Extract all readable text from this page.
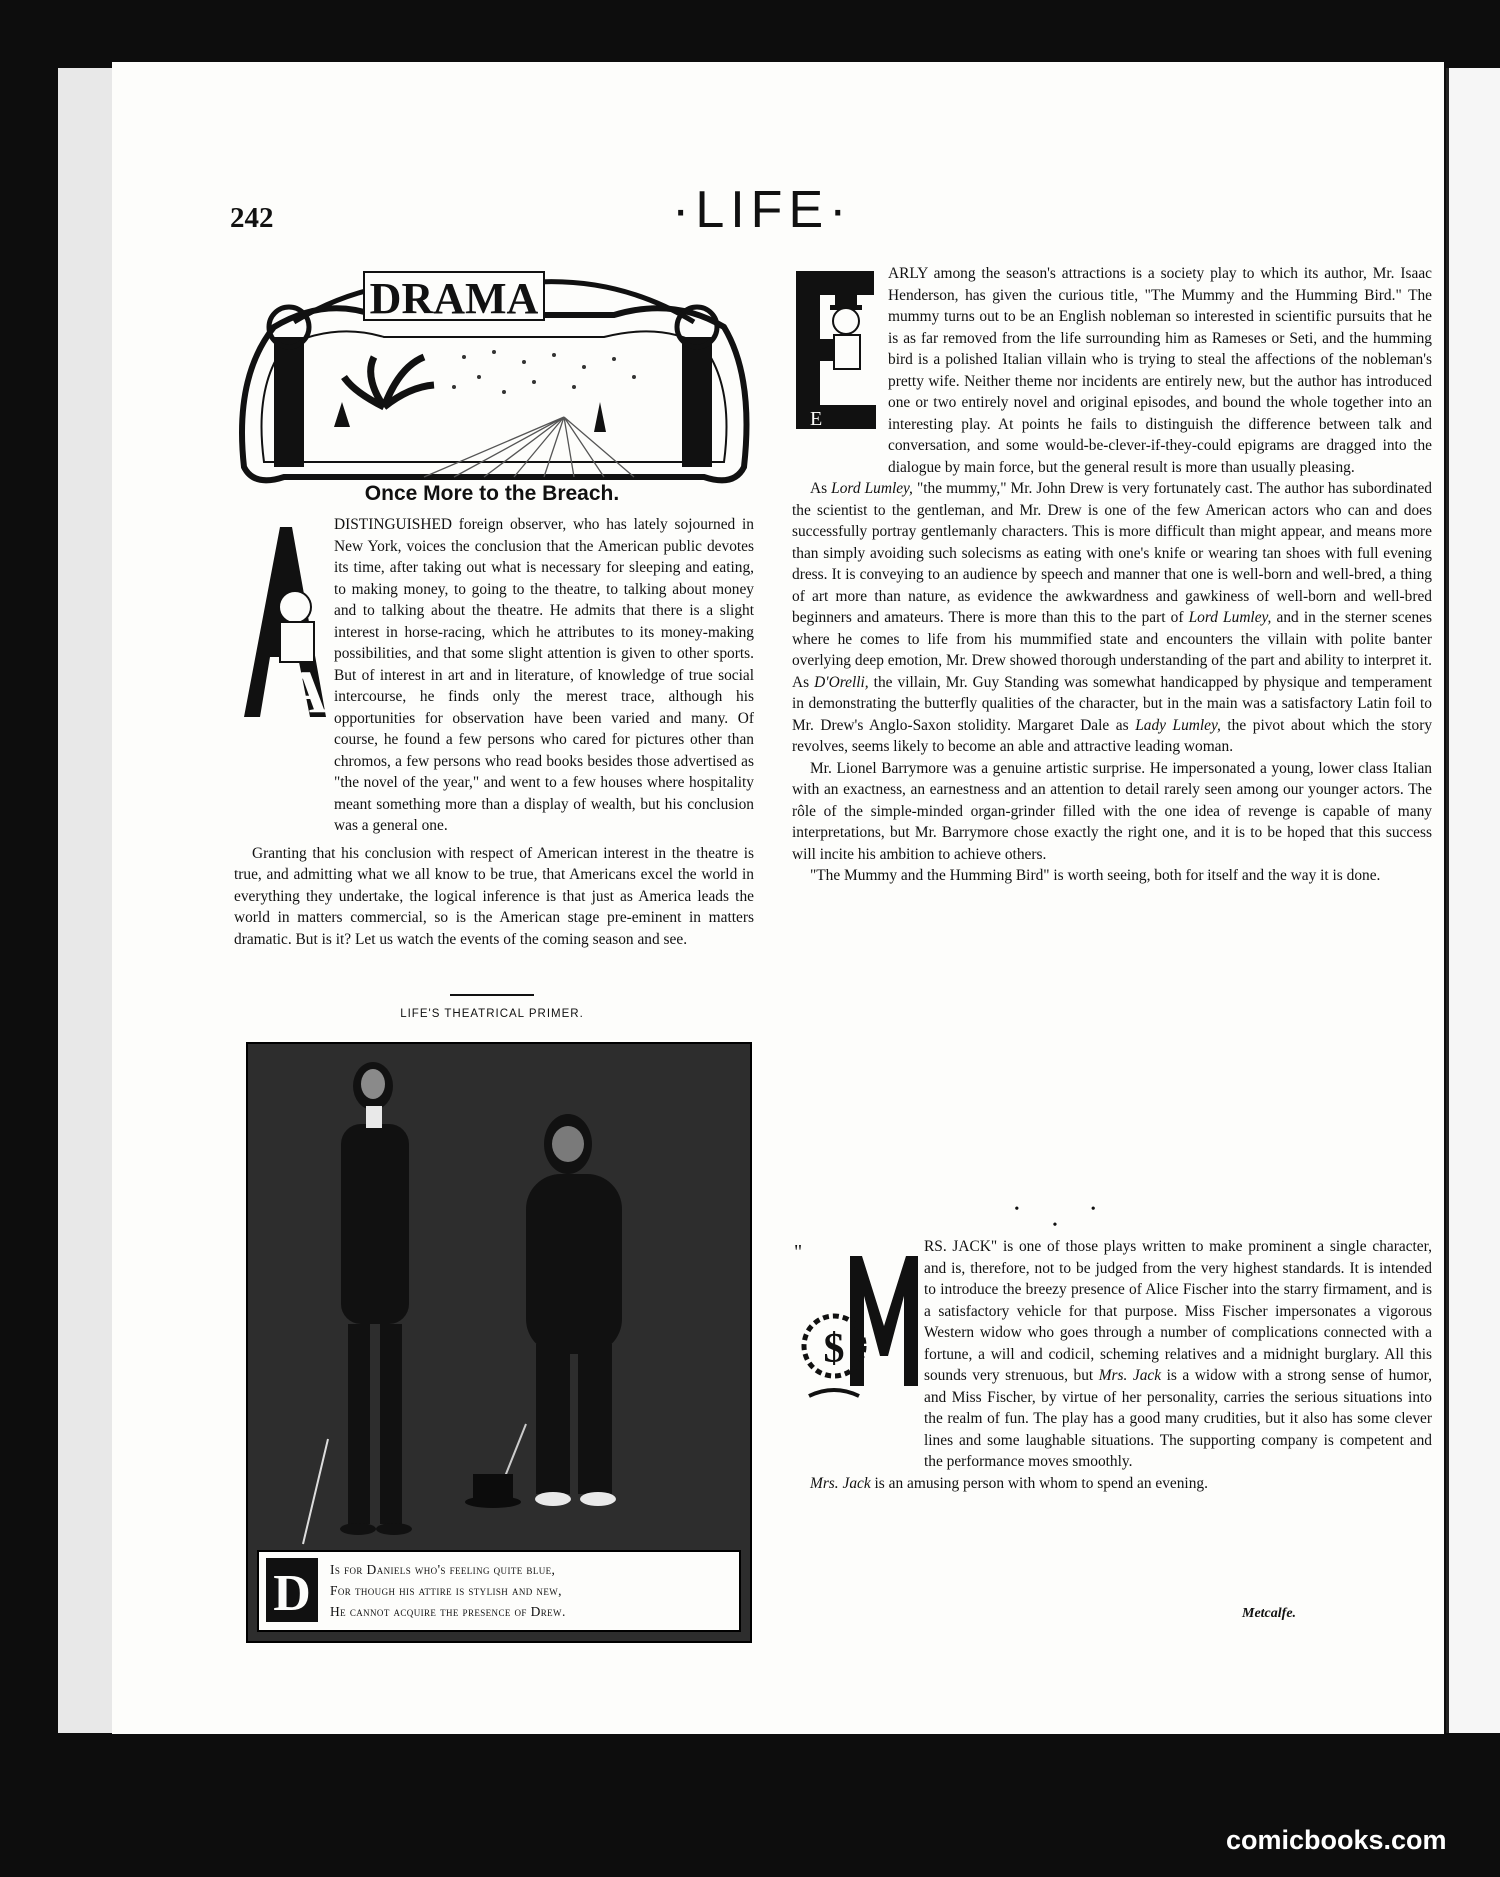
242	·LIFE·
DRAMA
Once More to the Breach.
A

DISTINGUISHED foreign observer, who has lately sojourned in New York, voices the conclusion that the American public devotes its time, after taking out what is necessary for sleeping and eating, to making money, to going to the theatre, to talking about money and to talking about the theatre. He admits that there is a slight interest in horse-racing, which he attributes to its money-making possibilities, and that some slight attention is given to other sports. But of interest in art and in literature, of knowledge of true social intercourse, he finds only the merest trace, although his opportunities for observation have been varied and many. Of course, he found a few persons who cared for pictures other than chromos, a few persons who read books besides those advertised as "the novel of the year," and went to a few houses where hospitality meant something more than a display of wealth, but his conclusion was a general one.

Granting that his conclusion with respect of American interest in the theatre is true, and admitting what we all know to be true, that Americans excel the world in everything they undertake, the logical inference is that just as America leads the world in matters commercial, so is the American stage pre-eminent in matters dramatic. But is it? Let us watch the events of the coming season and see.

LIFE'S THEATRICAL PRIMER.
D Is for Daniels who's feeling quite blue,
For though his attire is stylish and new,
He cannot acquire the presence of Drew.
E

ARLY among the season's attractions is a society play to which its author, Mr. Isaac Henderson, has given the curious title, "The Mummy and the Humming Bird." The mummy turns out to be an English nobleman so interested in scientific pursuits that he is as far removed from the life surrounding him as Rameses or Seti, and the humming bird is a polished Italian villain who is trying to steal the affections of the nobleman's pretty wife. Neither theme nor incidents are entirely new, but the author has introduced one or two entirely novel and original episodes, and bound the whole together into an interesting play. At points he fails to distinguish the difference between talk and conversation, and some would-be-clever-if-they-could epigrams are dragged into the dialogue by main force, but the general result is more than usually pleasing.

As Lord Lumley, "the mummy," Mr. John Drew is very fortunately cast. The author has subordinated the scientist to the gentleman, and Mr. Drew is one of the few American actors who can and does successfully portray gentlemanly characters. This is more difficult than might appear, and means more than simply avoiding such solecisms as eating with one's knife or wearing tan shoes with full evening dress. It is conveying to an audience by speech and manner that one is well-born and well-bred, a thing of art more than nature, as evidence the awkwardness and gawkiness of well-born and well-bred beginners and amateurs. There is more than this to the part of Lord Lumley, and in the sterner scenes where he comes to life from his mummified state and encounters the villain with polite banter overlying deep emotion, Mr. Drew showed thorough understanding of the part and ability to interpret it. As D'Orelli, the villain, Mr. Guy Standing was somewhat handicapped by physique and temperament in demonstrating the butterfly qualities of the character, but in the main was a satisfactory Latin foil to Mr. Drew's Anglo-Saxon stolidity. Margaret Dale as Lady Lumley, the pivot about which the story revolves, seems likely to become an able and attractive leading woman.

Mr. Lionel Barrymore was a genuine artistic surprise. He impersonated a young, lower class Italian with an exactness, an earnestness and an attention to detail rarely seen among our younger actors. The rôle of the simple-minded organ-grinder filled with the one idea of revenge is capable of many interpretations, but Mr. Barrymore chose exactly the right one, and it is to be hoped that this success will incite his ambition to achieve others.

"The Mummy and the Humming Bird" is worth seeing, both for itself and the way it is done.

• • •
"
$ M

RS. JACK" is one of those plays written to make prominent a single character, and is, therefore, not to be judged from the very highest standards. It is intended to introduce the breezy presence of Alice Fischer into the starry firmament, and is a satisfactory vehicle for that purpose. Miss Fischer impersonates a vigorous Western widow who goes through a number of complications connected with a fortune, a will and codicil, scheming relatives and a midnight burglary. All this sounds very strenuous, but Mrs. Jack is a widow with a strong sense of humor, and Miss Fischer, by virtue of her personality, carries the serious situations into the realm of fun. The play has a good many crudities, but it also has some clever lines and some laughable situations. The supporting company is competent and the performance moves smoothly.

Mrs. Jack is an amusing person with whom to spend an evening.

Metcalfe.
comicbooks.com
